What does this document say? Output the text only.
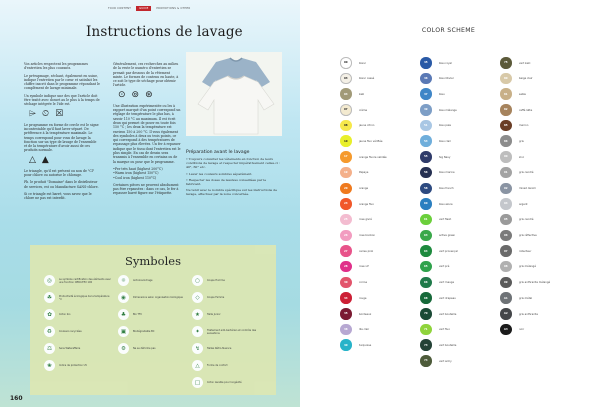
TOUR CONTENT	GUIDE	PROMOTIONS & OTHER
Instructions de lavage

Vos articles respectent les programmes d'entretien les plus courants.

Le prérapmage, séchant, également en usine, indique l'entretien par le cœur et satisfait les chiffre inscrit dans le programme répondant le complément de lavage minimale.

Un symbole indique une des que l'article doit être traité avec dosset au le plus à la temps de séchage intégrée le l'ide est.

⌲ ⏲ ☒

Le programme en forme de cercle est le signe incontestable qu'il faut laver séparé. De préférence à la température maximale. Le temps correspond pour vous de lavage la fonction sur un type de lavage de l'ensemble et de la température d'avoir aussi de ces produits normale.

△ ▲

Le triangle, qu'il est présent ou non de "Cl" pour chlore ou autorise le chlorage.

Pb. le produit "Domaine" dans le distributeur de services, est ou Manufacture SANS-chlore.

Si ce triangle est barré, vous savez que le chlore ne pas est interdit.

Généralement, ces recherches au milieu de la veste le numéro d'entretien se prenait par dessous de la vêtement mixte. Le formes de contenu en haute, à ce soit le type de séchage pour obtenir l'article.

⊙ ⊚ ⊛

Une illustration expérimentée ou les à rapport marqué d'un point correspond un réglage de température le plus bas, à savoir 110 °C au maximum. Il est écrit deux qui permet de poser en toute fois 150 °C ; les deux la température est environ 150 à 200 °C. Il vous également des symboles à deux ou trois points, ce qui correspond à des températures de repassage plus élevées. Un fer à repasser indique que le tissu dont l'entretien est le plus simple. En cas de dessin sera transmis à l'ensemble en certains ou de la marque ou pour que le programme.

•Fer très haut (highest 200°C)

•Warm iron (highest 150°C)

•Cool iron (highest 110°C)

Certaines pièces ne peuvent absolument pas être repassées : dans ce cas, le fer à repasser barré figure sur l'étiquette.

Préparation avant le lavage
• Toujours consulter les vêtements en fonction de leurs conditions de lavage et respecter impérativement celles-ci : 40°, 60° etc.
• Laver les couleurs sombres séparément.
• Respecter les doses de lessives conseillées par le fabricant.
Ne tenir avec le nombre spécifique sur les instructions de lavage, effectuez par la zone concernée.
Symboles
◎	Le symbole certification des éléments avec une fonction OEKO-TEX 100
☘	Productivité écologique de la température °C
✿	Coton bio
♻	Couleurs recyclées
⚖	Sans Wateraffaire
❀	Indice de protection UV
☼	Anti-boulochage
◉	Dimensions selon organisation biologique
♣	Bio TFC
▣	Biodégradable BC
⚙	Ne se déforme pas
○	Coupe Homme
◇	Coupe Femme
★	Taille Junior
✦	Traitement anti-bactérien et contrôle des sensations
↯	Tailles Rétro-Nuance
△	Forme de confort
□	Coton lavable pour longévité
160
COLOR SCHEME
00	blanc
03	blanc cassé
04	kaki
07	crème
08	jaune citron
10	jaune fluo vérifiée
17	orange fluore validée
19	Papaye
20	orange
23	orange fluo
25	rose givré
26	rose bonbon
27	cerise pink
28	rose vif
30	corine
34	rouge
35	bordeaux
38	lila clair
40	turquoise
45	bleu royal
46	bleu Olivier
47	bleu
49	bleu mélange
51	bleu pale
53	bleu clair
55	Sig Navy
56	bleu marine
58	bleu french
60	bleu azure
61	vert flash
63	active green
64	vert provençal
65	vert pré
66	vert mauge
68	vert drapeau
70	vert bouteille
71	vert fluo
73	vert bouteille
74	vert army
75	vert kaki
80	beige clair
81	sable
82	caffè latte
85	marron
86	gris
90	zinc
91	gris cendré
92	mixed denim
94	argent
95	gris cendré
96	gris réflective
97	rollecteur
98	gris mélangé
99	gris anthracite mélangé
A1	gris métal
A2	gris anthracite
A3	noir
